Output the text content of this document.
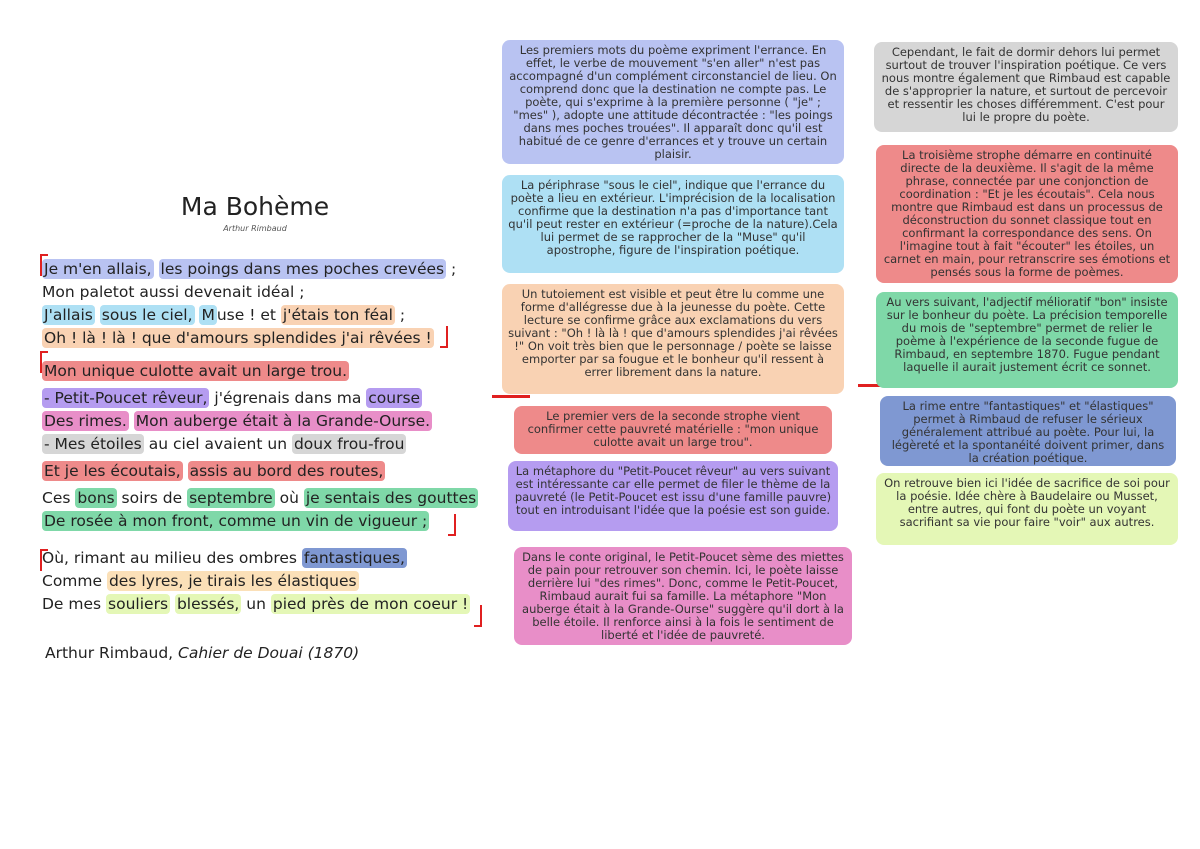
Ma Bohème
Arthur Rimbaud
Je m'en allais, les poings dans mes poches crevées ;
Mon paletot aussi devenait idéal ;
J'allais sous le ciel, M use ! et j'étais ton féal ;
Oh ! là ! là ! que d'amours splendides j'ai rêvées !
Mon unique culotte avait un large trou.
- Petit-Poucet rêveur, j'égrenais dans ma course
Des rimes. Mon auberge était à la Grande-Ourse.
- Mes étoiles au ciel avaient un doux frou-frou
Et je les écoutais, assis au bord des routes,
Ces bons soirs de septembre où je sentais des gouttes
De rosée à mon front, comme un vin de vigueur ;
Où, rimant au milieu des ombres fantastiques,
Comme des lyres, je tirais les élastiques
De mes souliers blessés, un pied près de mon coeur !
Arthur Rimbaud, Cahier de Douai (1870)
Les premiers mots du poème expriment l'errance. En effet, le verbe de mouvement "s'en aller" n'est pas accompagné d'un complément circonstanciel de lieu. On comprend donc que la destination ne compte pas. Le poète, qui s'exprime à la première personne ( "je" ; "mes" ), adopte une attitude décontractée : "les poings dans mes poches trouées". Il apparaît donc qu'il est habitué de ce genre d'errances et y trouve un certain plaisir.
La périphrase "sous le ciel", indique que l'errance du poète a lieu en extérieur. L'imprécision de la localisation confirme que la destination n'a pas d'importance tant qu'il peut rester en extérieur (=proche de la nature).Cela lui permet de se rapprocher de la "Muse" qu'il apostrophe, figure de l'inspiration poétique.
Un tutoiement est visible et peut être lu comme une forme d'allégresse due à la jeunesse du poète. Cette lecture se confirme grâce aux exclamations du vers suivant : "Oh ! là là ! que d'amours splendides j'ai rêvées !" On voit très bien que le personnage / poète se laisse emporter par sa fougue et le bonheur qu'il ressent à errer librement dans la nature.
Le premier vers de la seconde strophe vient confirmer cette pauvreté matérielle : "mon unique culotte avait un large trou".
La métaphore du "Petit-Poucet rêveur" au vers suivant est intéressante car elle permet de filer le thème de la pauvreté (le Petit-Poucet est issu d'une famille pauvre) tout en introduisant l'idée que la poésie est son guide.
Dans le conte original, le Petit-Poucet sème des miettes de pain pour retrouver son chemin. Ici, le poète laisse derrière lui "des rimes". Donc, comme le Petit-Poucet, Rimbaud aurait fui sa famille. La métaphore "Mon auberge était à la Grande-Ourse" suggère qu'il dort à la belle étoile. Il renforce ainsi à la fois le sentiment de liberté et l'idée de pauvreté.
Cependant, le fait de dormir dehors lui permet surtout de trouver l'inspiration poétique. Ce vers nous montre également que Rimbaud est capable de s'approprier la nature, et surtout de percevoir et ressentir les choses différemment. C'est pour lui le propre du poète.
La troisième strophe démarre en continuité directe de la deuxième. Il s'agit de la même phrase, connectée par une conjonction de coordination : "Et je les écoutais". Cela nous montre que Rimbaud est dans un processus de déconstruction du sonnet classique tout en confirmant la correspondance des sens. On l'imagine tout à fait "écouter" les étoiles, un carnet en main, pour retranscrire ses émotions et pensés sous la forme de poèmes.
Au vers suivant, l'adjectif mélioratif "bon" insiste sur le bonheur du poète. La précision temporelle du mois de "septembre" permet de relier le poème à l'expérience de la seconde fugue de Rimbaud, en septembre 1870. Fugue pendant laquelle il aurait justement écrit ce sonnet.
La rime entre "fantastiques" et "élastiques" permet à Rimbaud de refuser le sérieux généralement attribué au poète. Pour lui, la légèreté et la spontanéité doivent primer, dans la création poétique.
On retrouve bien ici l'idée de sacrifice de soi pour la poésie. Idée chère à Baudelaire ou Musset, entre autres, qui font du poète un voyant sacrifiant sa vie pour faire "voir" aux autres.
